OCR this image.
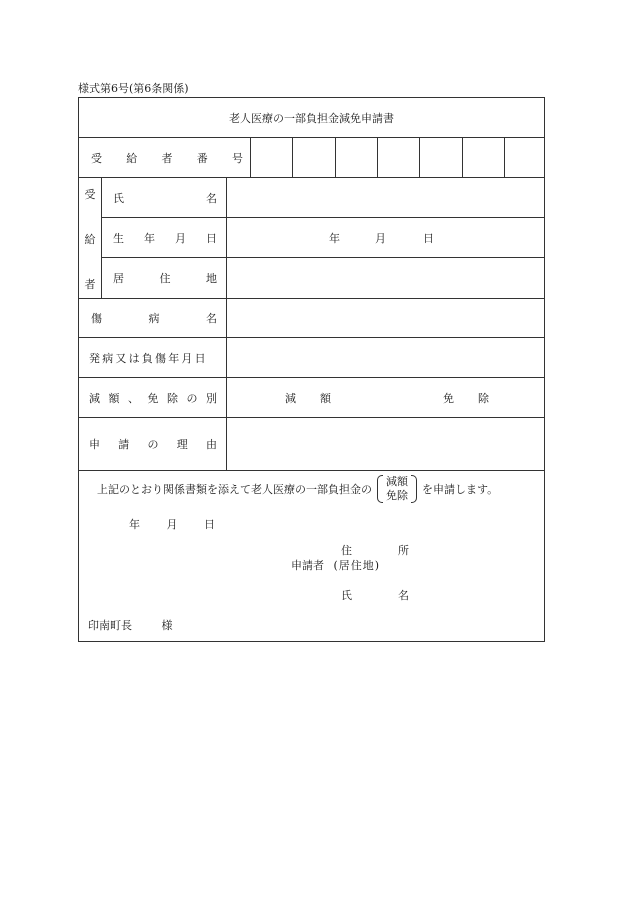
様式第6号(第6条関係)
老人医療の一部負担金減免申請書
受 給 者 番 号
受
給
者
氏	名
生 年 月 日	年	月	日
居	住	地
傷	病	名
発病又は負傷年月日
減 額 、 免 除 の 別	減 額	免 除
申 請 の 理 由
上記のとおり関係書類を添えて老人医療の一部負担金の
減額
免除 を申請します。
年 月 日
住	所
申請者 (居住地)
氏	名
印南町長	様
